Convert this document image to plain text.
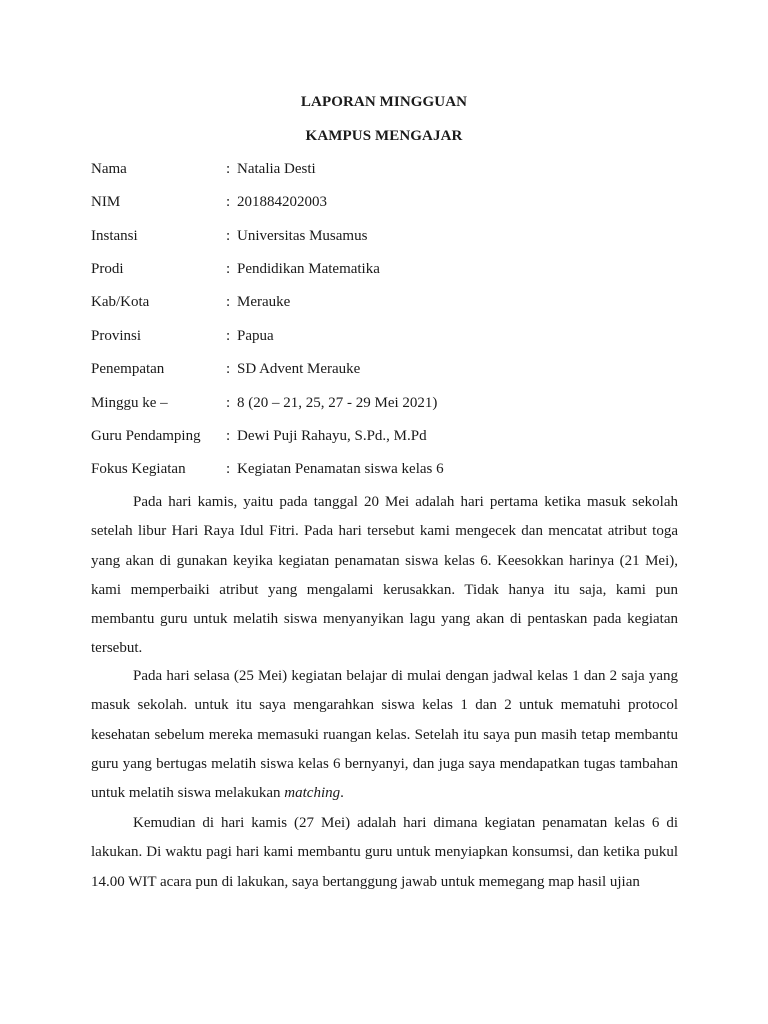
LAPORAN MINGGUAN
KAMPUS MENGAJAR
Nama	: Natalia Desti
NIM	: 201884202003
Instansi	: Universitas Musamus
Prodi	: Pendidikan Matematika
Kab/Kota	: Merauke
Provinsi	: Papua
Penempatan	: SD Advent Merauke
Minggu ke –	: 8 (20 – 21, 25, 27 - 29 Mei 2021)
Guru Pendamping : Dewi Puji Rahayu, S.Pd., M.Pd
Fokus Kegiatan	: Kegiatan Penamatan siswa kelas 6

Pada hari kamis, yaitu pada tanggal 20 Mei adalah hari pertama ketika masuk sekolah setelah libur Hari Raya Idul Fitri. Pada hari tersebut kami mengecek dan mencatat atribut toga yang akan di gunakan keyika kegiatan penamatan siswa kelas 6. Keesokkan harinya (21 Mei), kami memperbaiki atribut yang mengalami kerusakkan. Tidak hanya itu saja, kami pun membantu guru untuk melatih siswa menyanyikan lagu yang akan di pentaskan pada kegiatan tersebut.

Pada hari selasa (25 Mei) kegiatan belajar di mulai dengan jadwal kelas 1 dan 2 saja yang masuk sekolah. untuk itu saya mengarahkan siswa kelas 1 dan 2 untuk mematuhi protocol kesehatan sebelum mereka memasuki ruangan kelas. Setelah itu saya pun masih tetap membantu guru yang bertugas melatih siswa kelas 6 bernyanyi, dan juga saya mendapatkan tugas tambahan untuk melatih siswa melakukan matching.

Kemudian di hari kamis (27 Mei) adalah hari dimana kegiatan penamatan kelas 6 di lakukan. Di waktu pagi hari kami membantu guru untuk menyiapkan konsumsi, dan ketika pukul 14.00 WIT acara pun di lakukan, saya bertanggung jawab untuk memegang map hasil ujian
